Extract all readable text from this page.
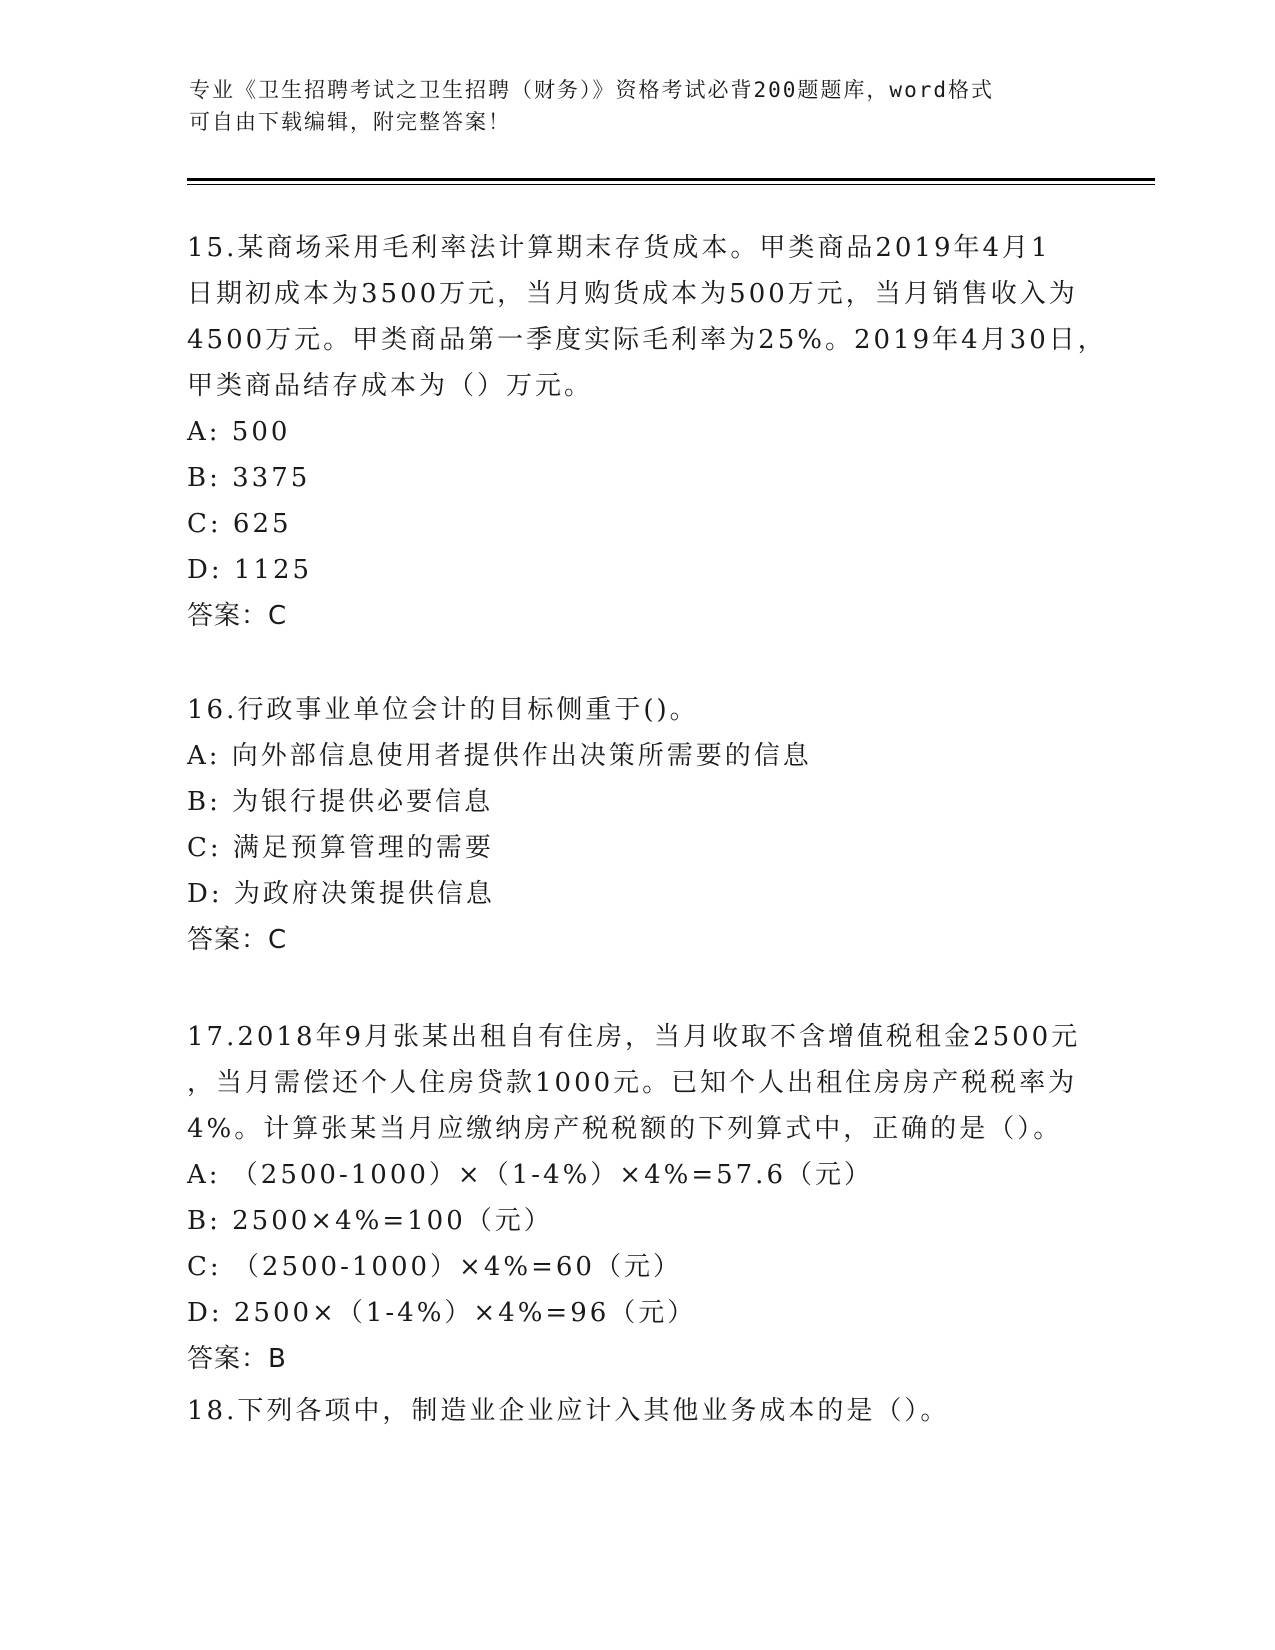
专业《卫生招聘考试之卫生招聘（财务）》资格考试必背200题题库，word格式
可自由下载编辑，附完整答案！
15.某商场采用毛利率法计算期末存货成本。甲类商品2019年4月1
日期初成本为3500万元，当月购货成本为500万元，当月销售收入为
4500万元。甲类商品第一季度实际毛利率为25%。2019年4月30日，
甲类商品结存成本为（）万元。
A: 500
B: 3375
C: 625
D: 1125
答案：C
16.行政事业单位会计的目标侧重于()。
A: 向外部信息使用者提供作出决策所需要的信息
B: 为银行提供必要信息
C: 满足预算管理的需要
D: 为政府决策提供信息
答案：C
17.2018年9月张某出租自有住房，当月收取不含增值税租金2500元
，当月需偿还个人住房贷款1000元。已知个人出租住房房产税税率为
4%。计算张某当月应缴纳房产税税额的下列算式中，正确的是（）。
A: （2500-1000）×（1-4%）×4%=57.6（元）
B: 2500×4%=100（元）
C: （2500-1000）×4%=60（元）
D: 2500×（1-4%）×4%=96（元）
答案：B
18.下列各项中，制造业企业应计入其他业务成本的是（）。
